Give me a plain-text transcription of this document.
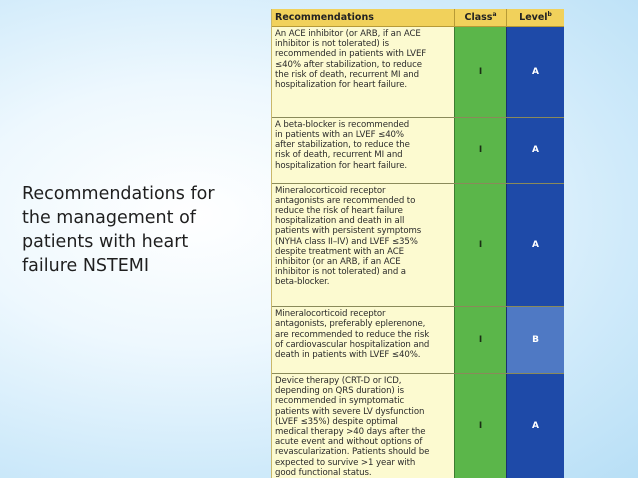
Recommendations for
the management of
patients with heart
failure NSTEMI
Recommendations	Class$^a$	Level$^b$
An ACE inhibitor (or ARB, if an ACE
inhibitor is not tolerated) is
recommended in patients with LVEF
≤40% after stabilization, to reduce
the risk of death, recurrent MI and
hospitalization for heart failure.
I	A
A beta-blocker is recommended
in patients with an LVEF ≤40%
after stabilization, to reduce the
risk of death, recurrent MI and
hospitalization for heart failure.
I	A
Mineralocorticoid receptor
antagonists are recommended to
reduce the risk of heart failure
hospitalization and death in all
patients with persistent symptoms
(NYHA class II–IV) and LVEF ≤35%
despite treatment with an ACE
inhibitor (or an ARB, if an ACE
inhibitor is not tolerated) and a
beta-blocker.
I	A
Mineralocorticoid receptor
antagonists, preferably eplerenone,
are recommended to reduce the risk
of cardiovascular hospitalization and
death in patients with LVEF ≤40%.
I	B
Device therapy (CRT-D or ICD,
depending on QRS duration) is
recommended in symptomatic
patients with severe LV dysfunction
(LVEF ≤35%) despite optimal
medical therapy >40 days after the
acute event and without options of
revascularization. Patients should be
expected to survive >1 year with
good functional status.
I	A
